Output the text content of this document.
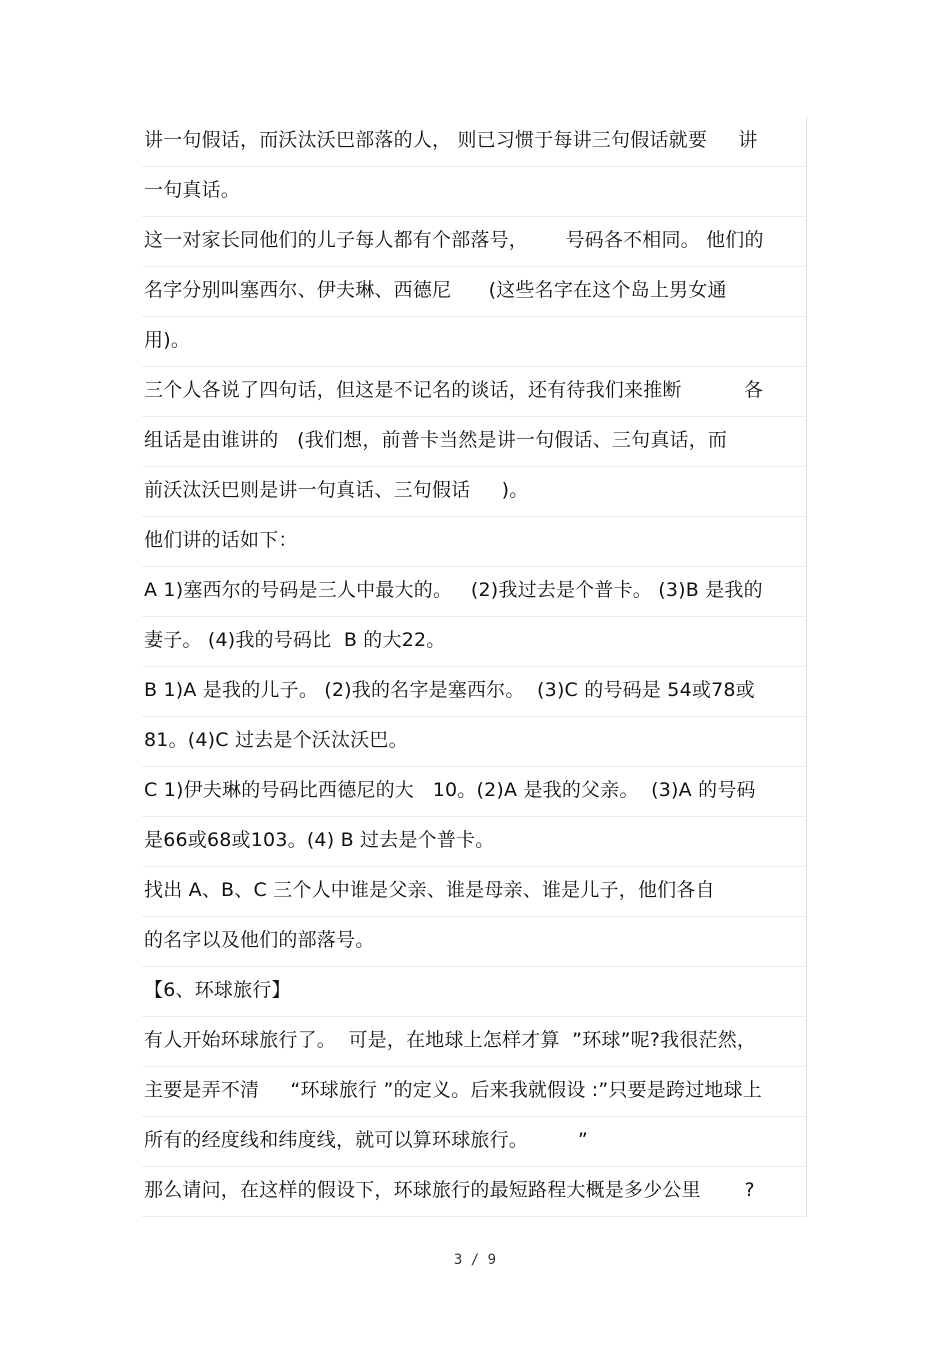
讲一句假话，而沃汰沃巴部落的人， 则已习惯于每讲三句假话就要     讲
一句真话。
这一对家长同他们的儿子每人都有个部落号，      号码各不相同。 他们的
名字分别叫塞西尔、伊夫琳、西德尼      (这些名字在这个岛上男女通
用)。
三个人各说了四句话，但这是不记名的谈话，还有待我们来推断          各
组话是由谁讲的   (我们想，前普卡当然是讲一句假话、三句真话，而
前沃汰沃巴则是讲一句真话、三句假话     )。
他们讲的话如下：
A 1)塞西尔的号码是三人中最大的。   (2)我过去是个普卡。 (3)B 是我的
妻子。 (4)我的号码比  B 的大22。
B 1)A 是我的儿子。 (2)我的名字是塞西尔。  (3)C 的号码是 54或78或
81。(4)C 过去是个沃汰沃巴。
C 1)伊夫琳的号码比西德尼的大   10。(2)A 是我的父亲。  (3)A 的号码
是66或68或103。(4) B 过去是个普卡。
找出 A、B、C 三个人中谁是父亲、谁是母亲、谁是儿子，他们各自
的名字以及他们的部落号。
【6、环球旅行】
有人开始环球旅行了。  可是，在地球上怎样才算  ”环球”呢?我很茫然，
主要是弄不清     “环球旅行 ”的定义。后来我就假设 :”只要是跨过地球上
所有的经度线和纬度线，就可以算环球旅行。        ”
那么请问，在这样的假设下，环球旅行的最短路程大概是多少公里       ?
3 / 9
